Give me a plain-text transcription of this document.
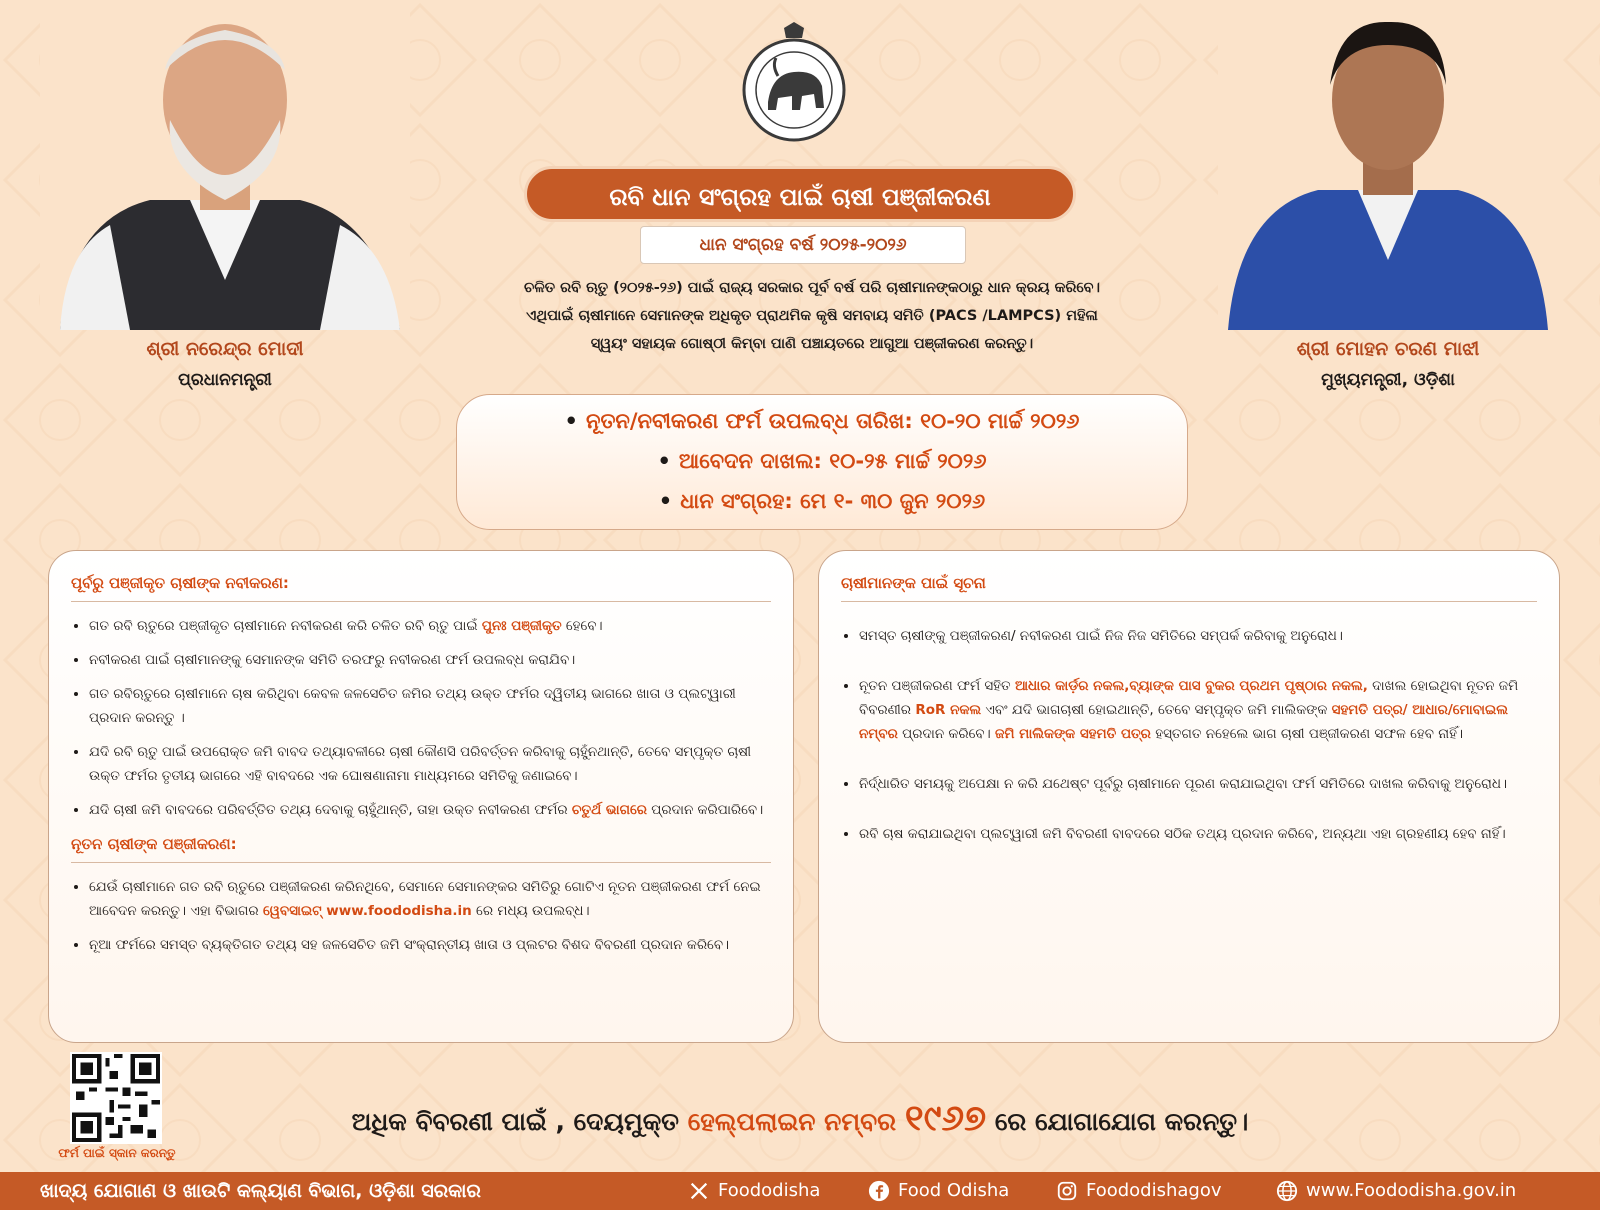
ଶ୍ରୀ ନରେନ୍ଦ୍ର ମୋଦୀ
ପ୍ରଧାନମନ୍ତ୍ରୀ
ଶ୍ରୀ ମୋହନ ଚରଣ ମାଝୀ
ମୁଖ୍ୟମନ୍ତ୍ରୀ, ଓଡ଼ିଶା
ରବି ଧାନ ସଂଗ୍ରହ ପାଇଁ ଚାଷୀ ପଞ୍ଜୀକରଣ
ଧାନ ସଂଗ୍ରହ ବର୍ଷ ୨୦୨୫-୨୦୨୬
ଚଳିତ ରବି ଋତୁ (୨୦୨୫-୨୬) ପାଇଁ ରାଜ୍ୟ ସରକାର ପୂର୍ବ ବର୍ଷ ପରି ଚାଷୀମାନଙ୍କଠାରୁ ଧାନ କ୍ରୟ କରିବେ।
ଏଥିପାଇଁ ଚାଷୀମାନେ ସେମାନଙ୍କ ଅଧିକୃତ ପ୍ରାଥମିକ କୃଷି ସମବାୟ ସମିତି (PACS /LAMPCS) ମହିଳା
ସ୍ୱୟଂ ସହାୟକ ଗୋଷ୍ଠୀ କିମ୍ବା ପାଣି ପଞ୍ଚାୟତରେ ଆଗୁଆ ପଞ୍ଜୀକରଣ କରନ୍ତୁ।
• ନୂତନ/ନବୀକରଣ ଫର୍ମ ଉପଲବ୍ଧ ତାରିଖ: ୧୦-୨୦ ମାର୍ଚ୍ଚ ୨୦୨୬
• ଆବେଦନ ଦାଖଲ: ୧୦-୨୫ ମାର୍ଚ୍ଚ ୨୦୨୬
• ଧାନ ସଂଗ୍ରହ: ମେ ୧- ୩୦ ଜୁନ ୨୦୨୬
ପୂର୍ବରୁ ପଞ୍ଜୀକୃତ ଚାଷୀଙ୍କ ନବୀକରଣ:
• ଗତ ରବି ଋତୁରେ ପଞ୍ଜୀକୃତ ଚାଷୀମାନେ ନବୀକରଣ କରି ଚଳିତ ରବି ଋତୁ ପାଇଁ ପୁନଃ ପଞ୍ଜୀକୃତ ହେବେ।
• ନବୀକରଣ ପାଇଁ ଚାଷୀମାନଙ୍କୁ ସେମାନଙ୍କ ସମିତି ତରଫରୁ ନବୀକରଣ ଫର୍ମ ଉପଲବ୍ଧ କରାଯିବ।
• ଗତ ରବିଋତୁରେ ଚାଷୀମାନେ ଚାଷ କରିଥିବା କେବଳ ଜଳସେଚିତ ଜମିର ତଥ୍ୟ ଉକ୍ତ ଫର୍ମର ଦ୍ୱିତୀୟ ଭାଗରେ ଖାତା ଓ ପ୍ଲଟ୍‌ୱାରୀ ପ୍ରଦାନ କରନ୍ତୁ ।
• ଯଦି ରବି ଋତୁ ପାଇଁ ଉପରୋକ୍ତ ଜମି ବାବଦ ତଥ୍ୟାବଳୀରେ ଚାଷୀ କୌଣସି ପରିବର୍ତ୍ତନ କରିବାକୁ ଚାହୁଁନଥାନ୍ତି, ତେବେ ସମ୍ପୃକ୍ତ ଚାଷୀ ଉକ୍ତ ଫର୍ମର ତୃତୀୟ ଭାଗରେ ଏହି ବାବଦରେ ଏକ ଘୋଷଣାନାମା ମାଧ୍ୟମରେ ସମିତିକୁ ଜଣାଇବେ।
• ଯଦି ଚାଷୀ ଜମି ବାବଦରେ ପରିବର୍ତ୍ତିତ ତଥ୍ୟ ଦେବାକୁ ଚାହୁଁଥାନ୍ତି, ତାହା ଉକ୍ତ ନବୀକରଣ ଫର୍ମର ଚତୁର୍ଥ ଭାଗରେ ପ୍ରଦାନ କରିପାରିବେ।
ନୂତନ ଚାଷୀଙ୍କ ପଞ୍ଜୀକରଣ:
• ଯେଉଁ ଚାଷୀମାନେ ଗତ ରବି ଋତୁରେ ପଞ୍ଜୀକରଣ କରିନଥିବେ, ସେମାନେ ସେମାନଙ୍କର ସମିତିରୁ ଗୋଟିଏ ନୂତନ ପଞ୍ଜୀକରଣ ଫର୍ମ ନେଇ ଆବେଦନ କରନ୍ତୁ। ଏହା ବିଭାଗର ୱେବସାଇଟ୍ www.foododisha.in ରେ ମଧ୍ୟ ଉପଲବ୍ଧ।
• ନୂଆ ଫର୍ମରେ ସମସ୍ତ ବ୍ୟକ୍ତିଗତ ତଥ୍ୟ ସହ ଜଳସେଚିତ ଜମି ସଂକ୍ରାନ୍ତୀୟ ଖାତା ଓ ପ୍ଲଟର ବିଶଦ ବିବରଣୀ ପ୍ରଦାନ କରିବେ।
ଚାଷୀମାନଙ୍କ ପାଇଁ ସୂଚନା
• ସମସ୍ତ ଚାଷୀଙ୍କୁ ପଞ୍ଜୀକରଣ/ ନବୀକରଣ ପାଇଁ ନିଜ ନିଜ ସମିତିରେ ସମ୍ପର୍କ କରିବାକୁ ଅନୁରୋଧ।
• ନୂତନ ପଞ୍ଜୀକରଣ ଫର୍ମ ସହିତ ଆଧାର କାର୍ଡ଼ର ନକଲ,ବ୍ୟାଙ୍କ ପାସ ବୁକର ପ୍ରଥମ ପୃଷ୍ଠାର ନକଲ, ଦାଖଲ ହୋଇଥିବା ନୂତନ ଜମି ବିବରଣୀର RoR ନକଲ ଏବଂ ଯଦି ଭାଗଚାଷୀ ହୋଇଥାନ୍ତି, ତେବେ ସମ୍ପୃକ୍ତ ଜମି ମାଲିକଙ୍କ ସହମତି ପତ୍ର/ ଆଧାର/ମୋବାଇଲ ନମ୍ବର ପ୍ରଦାନ କରିବେ। ଜମି ମାଲିକଙ୍କ ସହମତି ପତ୍ର ହସ୍ତଗତ ନହେଲେ ଭାଗ ଚାଷୀ ପଞ୍ଜୀକରଣ ସଫଳ ହେବ ନାହିଁ।
• ନିର୍ଦ୍ଧାରିତ ସମୟକୁ ଅପେକ୍ଷା ନ କରି ଯଥେଷ୍ଟ ପୂର୍ବରୁ ଚାଷୀମାନେ ପୂରଣ କରାଯାଇଥିବା ଫର୍ମ ସମିତିରେ ଦାଖଲ କରିବାକୁ ଅନୁରୋଧ।
• ରବି ଚାଷ କରାଯାଇଥିବା ପ୍ଲଟ୍‌ୱାରୀ ଜମି ବିବରଣୀ ବାବଦରେ ସଠିକ ତଥ୍ୟ ପ୍ରଦାନ କରିବେ, ଅନ୍ୟଥା ଏହା ଗ୍ରହଣୀୟ ହେବ ନାହିଁ।
ଫର୍ମ ପାଇଁ ସ୍କାନ କରନ୍ତୁ
ଅଧିକ ବିବରଣୀ ପାଇଁ , ଦେୟମୁକ୍ତ ହେଲ୍ପଲାଇନ ନମ୍ବର ୧୯୬୭ ରେ ଯୋଗାଯୋଗ କରନ୍ତୁ।
ଖାଦ୍ୟ ଯୋଗାଣ ଓ ଖାଉଟି କଲ୍ୟାଣ ବିଭାଗ, ଓଡ଼ିଶା ସରକାର	Foododisha	Food Odisha	Foododishagov	www.Foododisha.gov.in
